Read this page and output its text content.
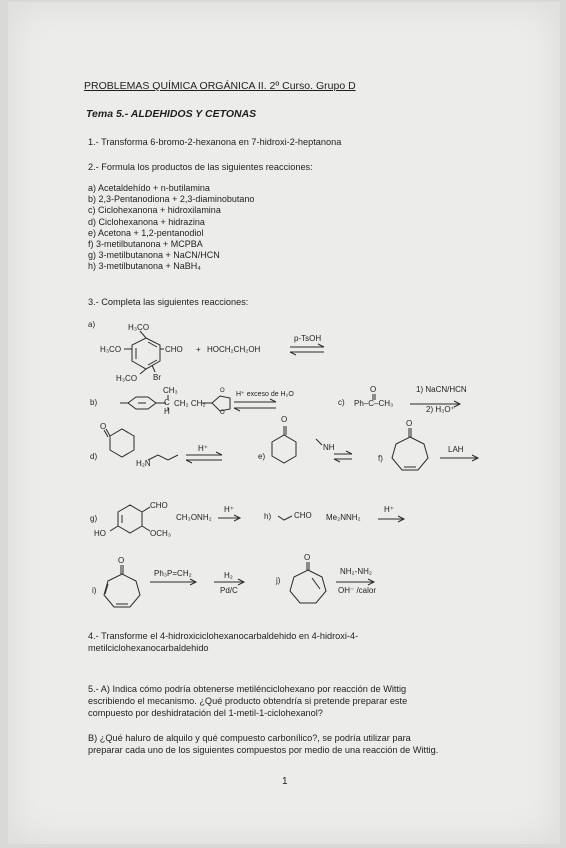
PROBLEMAS QUÍMICA ORGÁNICA II. 2º Curso. Grupo D
Tema 5.- ALDEHIDOS Y CETONAS
1.- Transforma 6-bromo-2-hexanona en 7-hidroxi-2-heptanona
2.- Formula los productos de las siguientes reacciones:
a) Acetaldehído + n-butilamina
b) 2,3-Pentanodiona + 2,3-diaminobutano
c) Ciclohexanona + hidroxilamina
d) Ciclohexanona + hidrazina
e) Acetona + 1,2-pentanodiol
f) 3-metilbutanona + MCPBA
g) 3-metilbutanona + NaCN/HCN
h) 3-metilbutanona + NaBH₄
3.- Completa las siguientes reacciones:
a)
b)	c)
d)	e)	f)
g)	h)
i)
j)
H₃CO
H₃CO
H₃CO
CHO
Br
+ HOCH₂CH₂OH
p-TsOH
CH₃
C
H
CH₂ CH₂
H⁺ exceso de H₂O
O
O
O
Ph–C–CH₃
1) NaCN/HCN
2) H₃O⁺
O
H₂N
H⁺
O
NH
O
LAH
CHO
HO	OCH₃
CH₃ONH₂
H⁺
CHO Me₂NNH₂
H⁺
O
Ph₃P=CH₂	H₂
Pd/C
O
NH₂-NH₂
OH⁻ /calor
4.- Transforme el 4-hidroxiciclohexanocarbaldehido en 4-hidroxi-4-
metilciclohexanocarbaldehido
5.- A) Indica cómo podría obtenerse metilénciclohexano por reacción de Wittig
escribiendo el mecanismo. ¿Qué producto obtendría si pretende preparar este
compuesto por deshidratación del 1-metil-1-ciclohexanol?
B) ¿Qué haluro de alquilo y qué compuesto carbonílico?, se podría utilizar para
preparar cada uno de los siguientes compuestos por medio de una reacción de Wittig.
1
